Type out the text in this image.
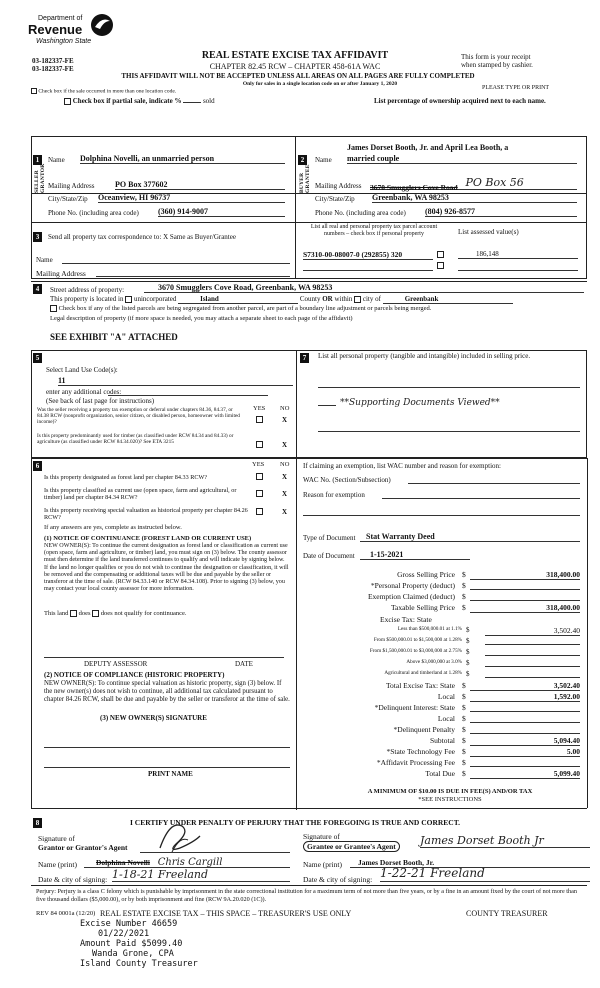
Department of
Revenue
Washington State
03-182337-FE
03-182337-FE
REAL ESTATE EXCISE TAX AFFIDAVIT
CHAPTER 82.45 RCW – CHAPTER 458-61A WAC
THIS AFFIDAVIT WILL NOT BE ACCEPTED UNLESS ALL AREAS ON ALL PAGES ARE FULLY COMPLETED
Only for sales in a single location code on or after January 1, 2020
This form is your receipt
when stamped by cashier.
PLEASE TYPE OR PRINT
Check box if the sale occurred in more than one location code.
Check box if partial sale, indicate %	sold	List percentage of ownership acquired next to each name.
1
SELLER GRANTOR
Name Dolphina Novelli, an unmarried person
Mailing Address	PO Box 377602
City/State/Zip Oceanview, HI 96737
Phone No. (including area code) (360) 914-9007
2
BUYER GRANTEE
James Dorset Booth, Jr. and April Lea Booth, a
Name married couple
Mailing Address 3670 Smugglers Cove Road PO Box 56
City/State/Zip Greenbank, WA 98253
Phone No. (including area code) (804) 926-8577
3	Send all property tax correspondence to: X Same as Buyer/Grantee
List all real and personal property tax parcel account numbers – check box if personal property	List assessed value(s)
Name
Mailing Address
S7310-00-08007-0 (292855) 320	186,148
4	Street address of property:	3670 Smugglers Cove Road, Greenbank, WA 98253
This property is located in unincorporated	Island	County OR within city of	Greenbank
Check box if any of the listed parcels are being segregated from another parcel, are part of a boundary line adjustment or parcels being merged.
Legal description of property (if more space is needed, you may attach a separate sheet to each page of the affidavit)
SEE EXHIBIT "A" ATTACHED
5
Select Land Use Code(s):
11
enter any additional codes:
(See back of last page for instructions)
YES NO
Was the seller receiving a property tax exemption or deferral under chapters 84.36, 84.37, or 84.38 RCW (nonprofit organization, senior citizen, or disabled person, homeowner with limited income)?	X
Is this property predominantly used for timber (as classified under RCW 84.34 and 84.33) or agriculture (as classified under RCW 84.34.020)? See ETA 3215	X
7	List all personal property (tangible and intangible) included in selling price.
**Supporting Documents Viewed**
6	YES NO
Is this property designated as forest land per chapter 84.33 RCW?	X
Is this property classified as current use (open space, farm and agricultural, or timber) land per chapter 84.34 RCW?	X
Is this property receiving special valuation as historical property per chapter 84.26 RCW?
X
If any answers are yes, complete as instructed below.
(1) NOTICE OF CONTINUANCE (FOREST LAND OR CURRENT USE)
NEW OWNER(S): To continue the current designation as forest land or classification as current use (open space, farm and agriculture, or timber) land, you must sign on (3) below. The county assessor must then determine if the land transferred continues to qualify and will indicate by signing below. If the land no longer qualifies or you do not wish to continue the designation or classification, it will be removed and the compensating or additional taxes will be due and payable by the seller or transferor at the time of sale. (RCW 84.33.140 or RCW 84.34.108). Prior to signing (3) below, you may contact your local county assessor for more information.
This land does does not qualify for continuance.
DEPUTY ASSESSOR	DATE
(2) NOTICE OF COMPLIANCE (HISTORIC PROPERTY)
NEW OWNER(S): To continue special valuation as historic property, sign (3) below. If the new owner(s) does not wish to continue, all additional tax calculated pursuant to chapter 84.26 RCW, shall be due and payable by the seller or transferor at the time of sale.
(3) NEW OWNER(S) SIGNATURE
PRINT NAME
If claiming an exemption, list WAC number and reason for exemption:
WAC No. (Section/Subsection)
Reason for exemption
Type of Document	Stat Warranty Deed
Date of Document	1-15-2021
Gross Selling Price $	318,400.00
*Personal Property (deduct) $
Exemption Claimed (deduct) $
Taxable Selling Price $	318,400.00
Excise Tax: State
Less than $500,000.01 at 1.1% $	3,502.40
From $500,000.01 to $1,500,000 at 1.28% $
From $1,500,000.01 to $3,000,000 at 2.75% $
Above $3,000,000 at 3.0% $
Agricultural and timberland at 1.28% $
Total Excise Tax: State $	3,502.40
Local $	1,592.00
*Delinquent Interest: State $
Local $
*Delinquent Penalty $
Subtotal $	5,094.40
*State Technology Fee $	5.00
*Affidavit Processing Fee $
Total Due $	5,099.40
A MINIMUM OF $10.00 IS DUE IN FEE(S) AND/OR TAX
*SEE INSTRUCTIONS
8	I CERTIFY UNDER PENALTY OF PERJURY THAT THE FOREGOING IS TRUE AND CORRECT.
Signature of
Grantor or Grantor's Agent
Signature of
Grantee or Grantee's Agent	James Dorset Booth Jr
Name (print)	Dolphina Novelli Chris Cargill	Name (print)	James Dorset Booth, Jr.
Date & city of signing: 1-18-21 Freeland	Date & city of signing: 1-22-21 Freeland
Perjury: Perjury is a class C felony which is punishable by imprisonment in the state correctional institution for a maximum term of not more than five years, or by a fine in an amount fixed by the court of not more than five thousand dollars ($5,000.00), or by both imprisonment and fine (RCW 9A.20.020 (1C)).
REV 84 0001a (12/20) REAL ESTATE EXCISE TAX – THIS SPACE – TREASURER'S USE ONLY	COUNTY TREASURER
Excise Number 46659
01/22/2021
Amount Paid $5099.40
Wanda Grone, CPA
Island County Treasurer
